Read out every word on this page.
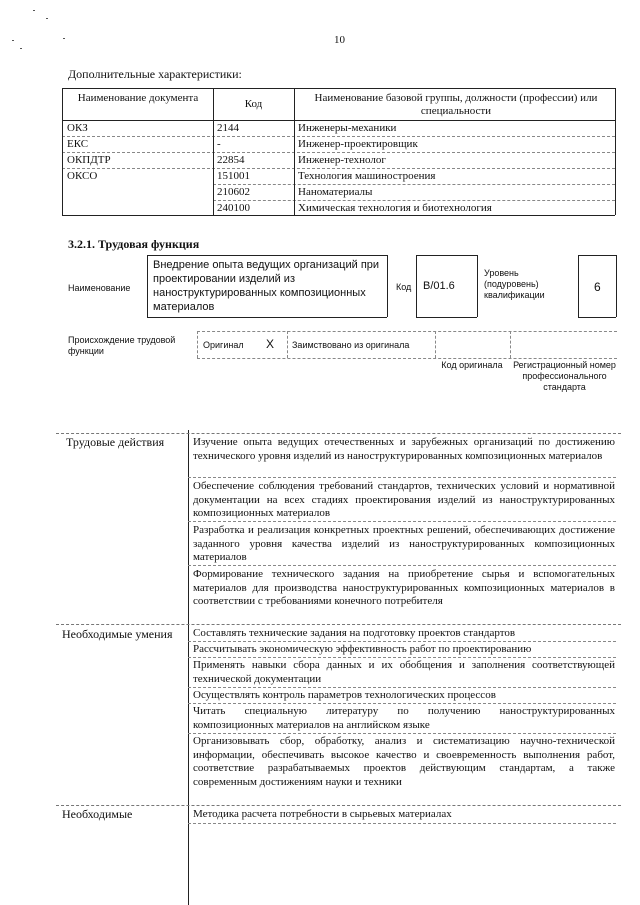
10
Дополнительные характеристики:
Наименование документа	Код	Наименование базовой группы, должности (профессии) или специальности
ОКЗ	2144	Инженеры-механики
ЕКС	-	Инженер-проектировщик
ОКПДТР	22854	Инженер-технолог
ОКСО	151001	Технология машиностроения
210602	Наноматериалы
240100	Химическая технология и биотехнология
3.2.1. Трудовая функция
Наименование
Внедрение опыта ведущих организаций при проектировании изделий из наноструктурированных композиционных материалов
Код В/01.6
Уровень (подуровень) квалификации
6
Происхождение трудовой функции
Оригинал Х Заимствовано из оригинала
Код оригинала Регистрационный номер профессионального стандарта
Трудовые действия	Изучение опыта ведущих отечественных и зарубежных организаций по достижению технического уровня изделий из наноструктурированных композиционных материалов
Обеспечение соблюдения требований стандартов, технических условий и нормативной документации на всех стадиях проектирования изделий из наноструктурированных композиционных материалов
Разработка и реализация конкретных проектных решений, обеспечивающих достижение заданного уровня качества изделий из наноструктурированных композиционных материалов
Формирование технического задания на приобретение сырья и вспомогательных материалов для производства наноструктурированных композиционных материалов в соответствии с требованиями конечного потребителя
Необходимые умения	Составлять технические задания на подготовку проектов стандартов
Рассчитывать экономическую эффективность работ по проектированию
Применять навыки сбора данных и их обобщения и заполнения соответствующей технической документации
Осуществлять контроль параметров технологических процессов
Читать специальную литературу по получению наноструктурированных композиционных материалов на английском языке
Организовывать сбор, обработку, анализ и систематизацию научно-технической информации, обеспечивать высокое качество и своевременность выполнения работ, соответствие разрабатываемых проектов действующим стандартам, а также современным достижениям науки и техники
Необходимые	Методика расчета потребности в сырьевых материалах
